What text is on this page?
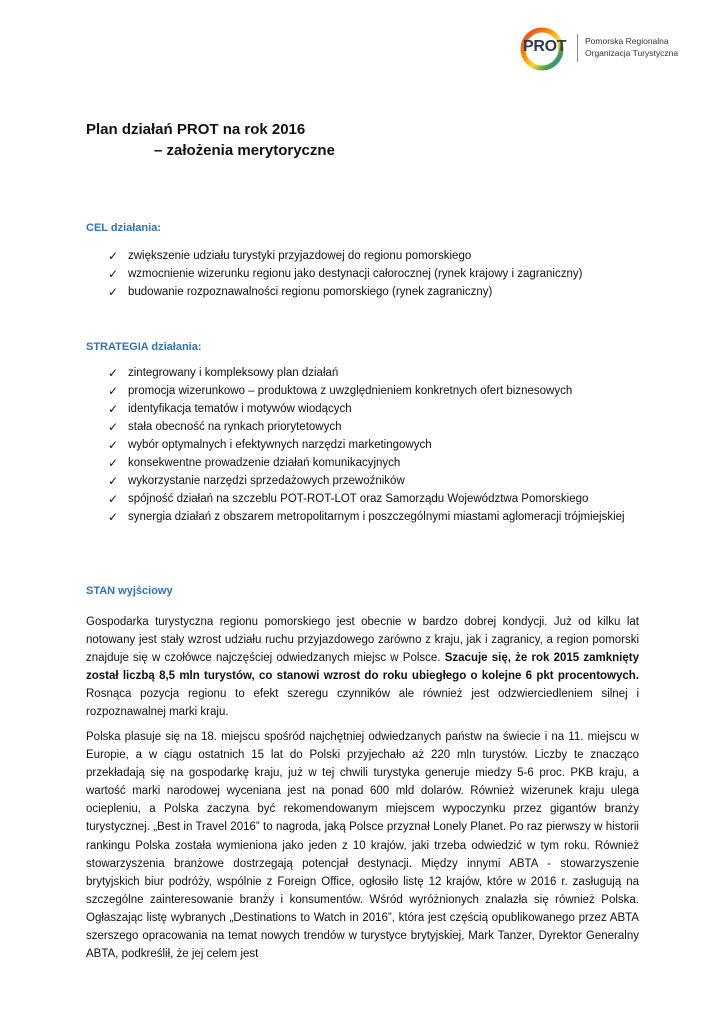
PROT Pomorska Regionalna
Organizacja Turystyczna
Plan działań PROT na rok 2016
– założenia merytoryczne
CEL działania:
✓ zwiększenie udziału turystyki przyjazdowej do regionu pomorskiego
✓ wzmocnienie wizerunku regionu jako destynacji całorocznej (rynek krajowy i zagraniczny)
✓ budowanie rozpoznawalności regionu pomorskiego (rynek zagraniczny)
STRATEGIA działania:
✓ zintegrowany i kompleksowy plan działań
✓ promocja wizerunkowo – produktowa z uwzględnieniem konkretnych ofert biznesowych
✓ identyfikacja tematów i motywów wiodących
✓ stała obecność na rynkach priorytetowych
✓ wybór optymalnych i efektywnych narzędzi marketingowych
✓ konsekwentne prowadzenie działań komunikacyjnych
✓ wykorzystanie narzędzi sprzedażowych przewoźników
✓ spójność działań na szczeblu POT-ROT-LOT oraz Samorządu Województwa Pomorskiego
✓ synergia działań z obszarem metropolitarnym i poszczególnymi miastami aglomeracji trójmiejskiej
STAN wyjściowy

Gospodarka turystyczna regionu pomorskiego jest obecnie w bardzo dobrej kondycji. Już od kilku lat notowany jest stały wzrost udziału ruchu przyjazdowego zarówno z kraju, jak i zagranicy, a region pomorski znajduje się w czołówce najczęściej odwiedzanych miejsc w Polsce. Szacuje się, że rok 2015 zamknięty został liczbą 8,5 mln turystów, co stanowi wzrost do roku ubiegłego o kolejne 6 pkt procentowych. Rosnąca pozycja regionu to efekt szeregu czynników ale również jest odzwierciedleniem silnej i rozpoznawalnej marki kraju.

Polska plasuje się na 18. miejscu spośród najchętniej odwiedzanych państw na świecie i na 11. miejscu w Europie, a w ciągu ostatnich 15 lat do Polski przyjechało aż 220 mln turystów. Liczby te znacząco przekładają się na gospodarkę kraju, już w tej chwili turystyka generuje miedzy 5-6 proc. PKB kraju, a wartość marki narodowej wyceniana jest na ponad 600 mld dolarów. Również wizerunek kraju ulega ociepleniu, a Polska zaczyna być rekomendowanym miejscem wypoczynku przez gigantów branży turystycznej. „Best in Travel 2016” to nagroda, jaką Polsce przyznał Lonely Planet. Po raz pierwszy w historii rankingu Polska została wymieniona jako jeden z 10 krajów, jaki trzeba odwiedzić w tym roku. Również stowarzyszenia branżowe dostrzegają potencjał destynacji. Między innymi ABTA - stowarzyszenie brytyjskich biur podróży, wspólnie z Foreign Office, ogłosiło listę 12 krajów, które w 2016 r. zasługują na szczególne zainteresowanie branży i konsumentów. Wśród wyróżnionych znalazła się również Polska. Ogłaszając listę wybranych „Destinations to Watch in 2016”, która jest częścią opublikowanego przez ABTA szerszego opracowania na temat nowych trendów w turystyce brytyjskiej, Mark Tanzer, Dyrektor Generalny ABTA, podkreślił, że jej celem jest
